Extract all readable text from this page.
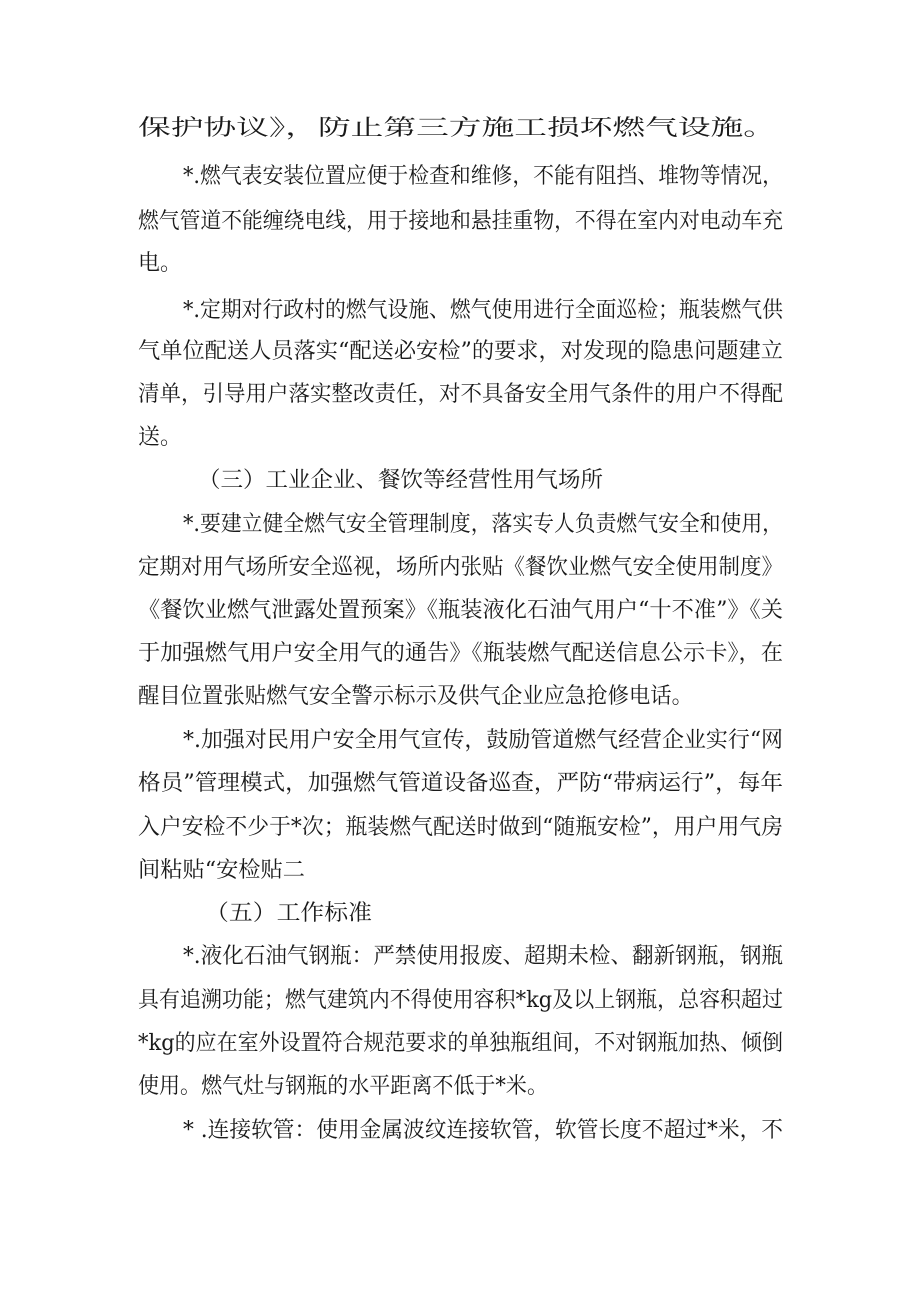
保护协议》，防止第三方施工损坏燃气设施。
*.燃气表安装位置应便于检查和维修，不能有阻挡、堆物等情况，
燃气管道不能缠绕电线，用于接地和悬挂重物，不得在室内对电动车充
电。
*.定期对行政村的燃气设施、燃气使用进行全面巡检；瓶装燃气供
气单位配送人员落实“配送必安检”的要求，对发现的隐患问题建立
清单，引导用户落实整改责任，对不具备安全用气条件的用户不得配
送。
（三）工业企业、餐饮等经营性用气场所
*.要建立健全燃气安全管理制度，落实专人负责燃气安全和使用，
定期对用气场所安全巡视，场所内张贴《餐饮业燃气安全使用制度》
《餐饮业燃气泄露处置预案》《瓶装液化石油气用户“十不准”》《关
于加强燃气用户安全用气的通告》《瓶装燃气配送信息公示卡》，在
醒目位置张贴燃气安全警示标示及供气企业应急抢修电话。
*.加强对民用户安全用气宣传，鼓励管道燃气经营企业实行“网
格员”管理模式，加强燃气管道设备巡查，严防“带病运行”，每年
入户安检不少于*次；瓶装燃气配送时做到“随瓶安检”，用户用气房
间粘贴“安检贴二
（五）工作标准
*.液化石油气钢瓶：严禁使用报废、超期未检、翻新钢瓶，钢瓶
具有追溯功能；燃气建筑内不得使用容积*kg及以上钢瓶，总容积超过
*kg的应在室外设置符合规范要求的单独瓶组间，不对钢瓶加热、倾倒
使用。燃气灶与钢瓶的水平距离不低于*米。
* .连接软管：使用金属波纹连接软管，软管长度不超过*米，不
